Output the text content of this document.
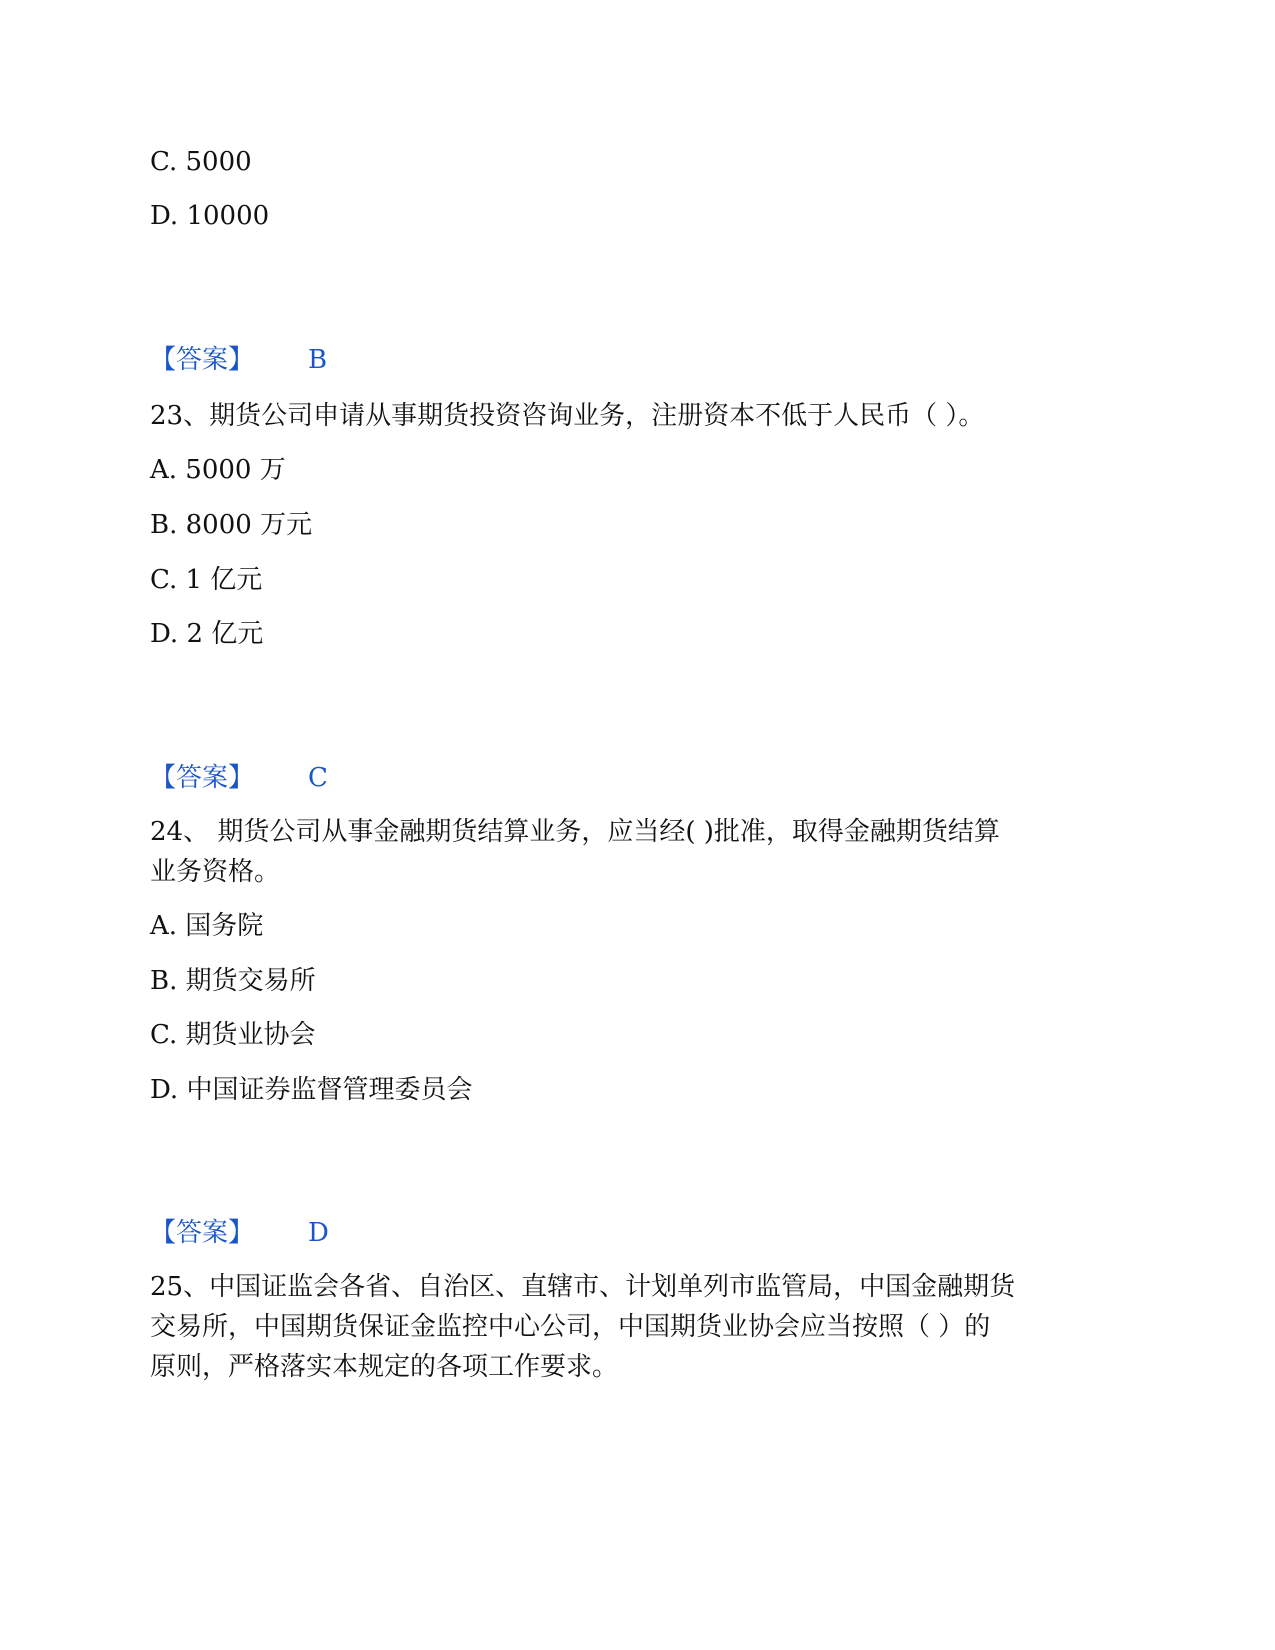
C. 5000
D. 10000
【答案】 B
23、期货公司申请从事期货投资咨询业务，注册资本不低于人民币（ ）。
A. 5000 万
B. 8000 万元
C. 1 亿元
D. 2 亿元
【答案】 C
24、 期货公司从事金融期货结算业务，应当经( )批准，取得金融期货结算
业务资格。
A. 国务院
B. 期货交易所
C. 期货业协会
D. 中国证券监督管理委员会
【答案】 D
25、中国证监会各省、自治区、直辖市、计划单列市监管局，中国金融期货
交易所，中国期货保证金监控中心公司，中国期货业协会应当按照（ ）的
原则，严格落实本规定的各项工作要求。
